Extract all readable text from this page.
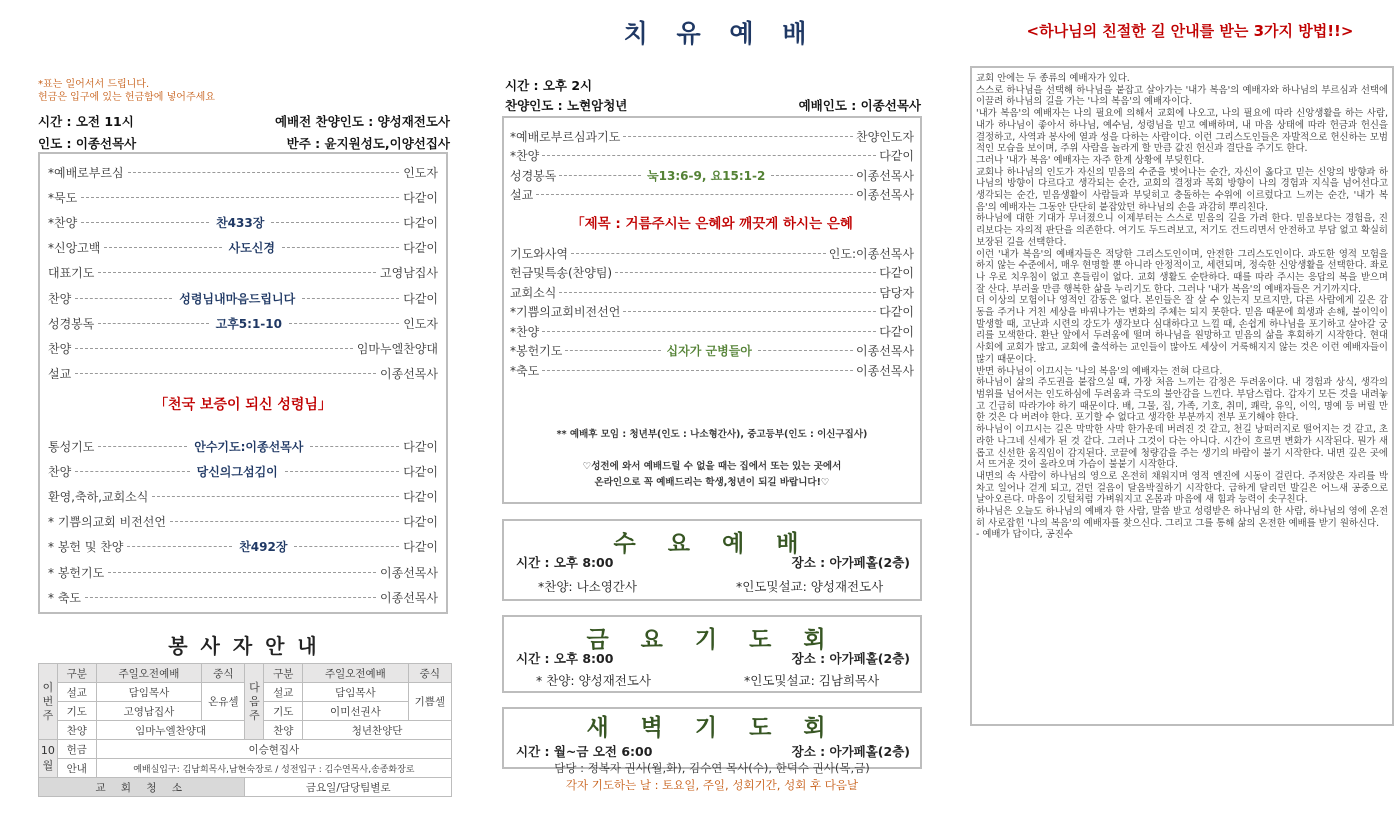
*표는 일어서서 드립니다.
헌금은 입구에 있는 헌금함에 넣어주세요
시간 : 오전 11시	예배전 찬양인도 : 양성재전도사
인도 : 이종선목사	반주 : 윤지원성도,이양선집사
*예배로부르심	인도자
*묵도	다같이
*찬양	찬433장	다같이
*신앙고백	사도신경	다같이
대표기도	고영남집사
찬양	성령님내마음드립니다	다같이
성경봉독	고후5:1-10	인도자
찬양	임마누엘찬양대
설교	이종선목사
「천국 보증이 되신 성령님」
통성기도	안수기도:이종선목사	다같이
찬양	당신의그섬김이	다같이
환영,축하,교회소식	다같이
* 기쁨의교회 비전선언	다같이
* 봉헌 및 찬양	찬492장	다같이
* 봉헌기도	이종선목사
* 축도	이종선목사
봉 사 자 안 내
이 번 주	구분	주일오전예배	중식	다 음 주	구분	주일오전예배	중식
	설교	담임목사	온유셀		설교	담임목사	기쁨셀
	기도	고영남집사			기도	이미선권사	
	찬양	임마누엘찬양대			찬양	청년찬양단	
10월	헌금	이승현집사					
	안내	예배실입구: 김남희목사,남현숙장로 / 성전입구 : 김수연목사,송종화장로					
교 회 청 소				금요일/담당팀별로			
치 유 예 배
시간 : 오후 2시
찬양인도 : 노현암청년	예배인도 : 이종선목사
*예배로부르심과기도	찬양인도자
*찬양	다같이
성경봉독	눅13:6-9, 요15:1-2	이종선목사
설교	이종선목사
「제목 : 거름주시는 은혜와 깨끗게 하시는 은혜
기도와사역	인도:이종선목사
헌금및특송(찬양팀)	다같이
교회소식	담당자
*기쁨의교회비전선언	다같이
*찬양	다같이
*봉헌기도	십자가 군병들아	이종선목사
*축도	이종선목사
** 예배후 모임 : 청년부(인도 : 나소형간사), 중고등부(인도 : 이신구집사)
♡성전에 와서 예배드릴 수 없을 때는 집에서 또는 있는 곳에서
온라인으로 꼭 예배드리는 학생,청년이 되길 바랍니다!♡
수 요 예 배
시간 : 오후 8:00	장소 : 아가페홀(2층)
*찬양: 나소영간사	*인도및설교: 양성재전도사
금 요 기 도 회
시간 : 오후 8:00	장소 : 아가페홀(2층)
* 찬양: 양성재전도사	*인도및설교: 김남희목사
새 벽 기 도 회
시간 : 월~금 오전 6:00	장소 : 아가페홀(2층)
담당 : 정복자 권사(월,화), 김수연 목사(수), 한덕수 권사(목,금)
각자 기도하는 날 : 토요일, 주일, 성회기간, 성회 후 다음날
<하나님의 친절한 길 안내를 받는 3가지 방법!!>

교회 안에는 두 종류의 예배자가 있다.

스스로 하나님을 선택해 하나님을 붙잡고 살아가는 '내가 복음'의 예배자와 하나님의 부르심과 선택에 이끌려 하나님의 길을 가는 '나의 복음'의 예배자이다.

'내가 복음'의 예배자는 나의 필요에 의해서 교회에 나오고, 나의 필요에 따라 신앙생활을 하는 사람, 내가 하나님이 좋아서 하나님, 예수님, 성령님을 믿고 예배하며, 내 마음 상태에 따라 헌금과 헌신을 결정하고, 사역과 봉사에 열과 성을 다하는 사람이다. 이런 그리스도인들은 자발적으로 헌신하는 모범적인 모습을 보이며, 주위 사람을 놀라게 할 만큼 값진 헌신과 결단을 주기도 한다.

그러나 '내가 복음' 예배자는 자주 한계 상황에 부딪힌다.

교회나 하나님의 인도가 자신의 믿음의 수준을 벗어나는 순간, 자신이 옳다고 믿는 신앙의 방향과 하나님의 방향이 다르다고 생각되는 순간, 교회의 결정과 목회 방향이 나의 경험과 지식을 넘어선다고 생각되는 순간, 믿음생활이 사람들과 부딪히고 충돌하는 수위에 이르렀다고 느끼는 순간, '내가 복음'의 예배자는 그동안 단단히 붙잡았던 하나님의 손을 과감히 뿌리친다.

하나님에 대한 기대가 무너졌으니 이제부터는 스스로 믿음의 길을 가려 한다. 믿음보다는 경험을, 진리보다는 자의적 판단을 의존한다. 여기도 두드려보고, 저기도 건드리면서 안전하고 부담 없고 확실히 보장된 길을 선택한다.

이런 '내가 복음'의 예배자들은 적당한 그리스도인이며, 안전한 그리스도인이다. 과도한 영적 모험을 하지 않는 수준에서, 매우 현명할 뿐 아니라 안정적이고, 세련되며, 정숙한 신앙생활을 선택한다. 좌로나 우로 치우침이 없고 흔들림이 없다. 교회 생활도 순탄하다. 때를 따라 주시는 응답의 복을 받으며 잘 산다. 부러울 만큼 행복한 삶을 누리기도 한다. 그러나 '내가 복음'의 예배자들은 거기까지다.

더 이상의 모험이나 영적인 감동은 없다. 본인들은 잘 살 수 있는지 모르지만, 다른 사람에게 깊은 감동을 주거나 거친 세상을 바꿔나가는 변화의 주체는 되지 못한다. 믿음 때문에 희생과 손해, 불이익이 발생할 때, 고난과 시련의 강도가 생각보다 심대하다고 느낄 때, 손쉽게 하나님을 포기하고 살아갈 궁리를 모색한다. 환난 앞에서 두려움에 떨며 하나님을 원망하고 믿음의 삶을 후회하기 시작한다. 현대 사회에 교회가 많고, 교회에 출석하는 교인들이 많아도 세상이 거룩해지지 않는 것은 이런 예배자들이 많기 때문이다.

반면 하나님이 이끄시는 '나의 복음'의 예배자는 전혀 다르다.

하나님이 삶의 주도권을 붙잡으실 때, 가장 처음 느끼는 감정은 두려움이다. 내 경험과 상식, 생각의 범위를 넘어서는 인도하심에 두려움과 극도의 불안감을 느낀다. 부담스럽다. 갑자기 모든 것을 내려놓고 긴급히 따라가야 하기 때문이다. 배, 그물, 집, 가족, 기호, 취미, 쾌락, 유익, 이익, 명예 등 버릴 만한 것은 다 버려야 한다. 포기할 수 없다고 생각한 부분까지 전부 포기해야 한다.

하나님이 이끄시는 길은 막막한 사막 한가운데 버려진 것 같고, 천길 낭떠러지로 떨어지는 것 같고, 초라한 나그네 신세가 된 것 같다. 그러나 그것이 다는 아니다. 시간이 흐르면 변화가 시작된다. 뭔가 새롭고 신선한 움직임이 감지된다. 코끝에 청량감을 주는 생기의 바람이 불기 시작한다. 내면 깊은 곳에서 뜨거운 것이 올라오며 가슴이 불붙기 시작한다.

내면의 속 사람이 하나님의 영으로 온전히 채워지며 영적 엔진에 시동이 걸린다. 주저앉은 자리를 박차고 일어나 걷게 되고, 걷던 걸음이 달음박질하기 시작한다. 급하게 달리던 발길은 어느새 공중으로 날아오른다. 마음이 깃털처럼 가벼워지고 온몸과 마음에 새 힘과 능력이 솟구친다.

하나님은 오늘도 하나님의 예배자 한 사람, 말씀 받고 성령받은 하나님의 한 사람, 하나님의 영에 온전히 사로잡힌 '나의 복음'의 예배자를 찾으신다. 그리고 그를 통해 삶의 온전한 예배를 받기 원하신다.

- 예배가 답이다, 공진수
